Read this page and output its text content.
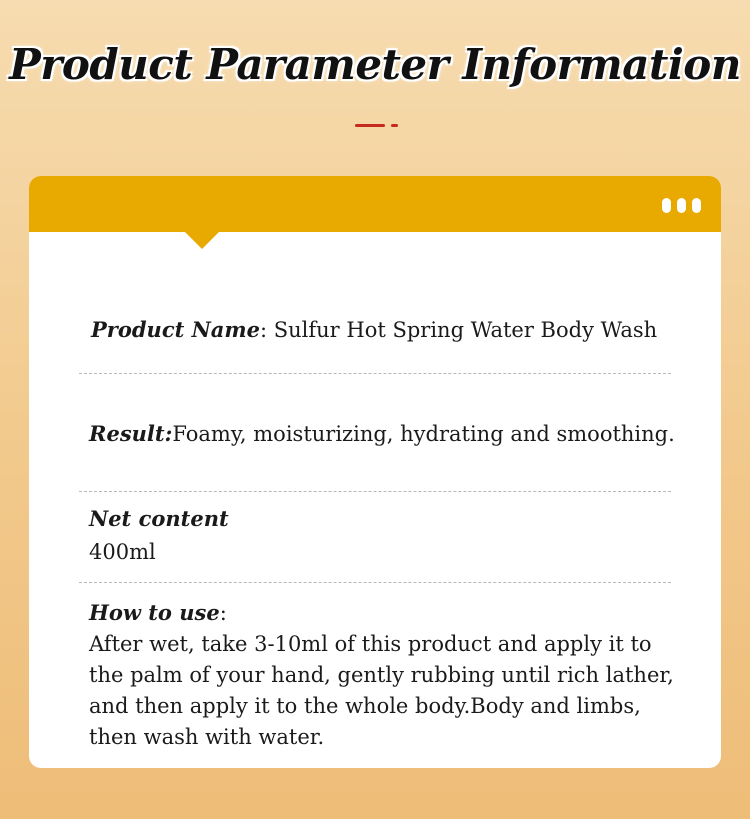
Product Parameter Information
Product Name: Sulfur Hot Spring Water Body Wash
Result:Foamy, moisturizing, hydrating and smoothing.
Net content
400ml
How to use:
After wet, take 3-10ml of this product and apply it to the palm of your hand, gently rubbing until rich lather, and then apply it to the whole body.Body and limbs, then wash with water.
